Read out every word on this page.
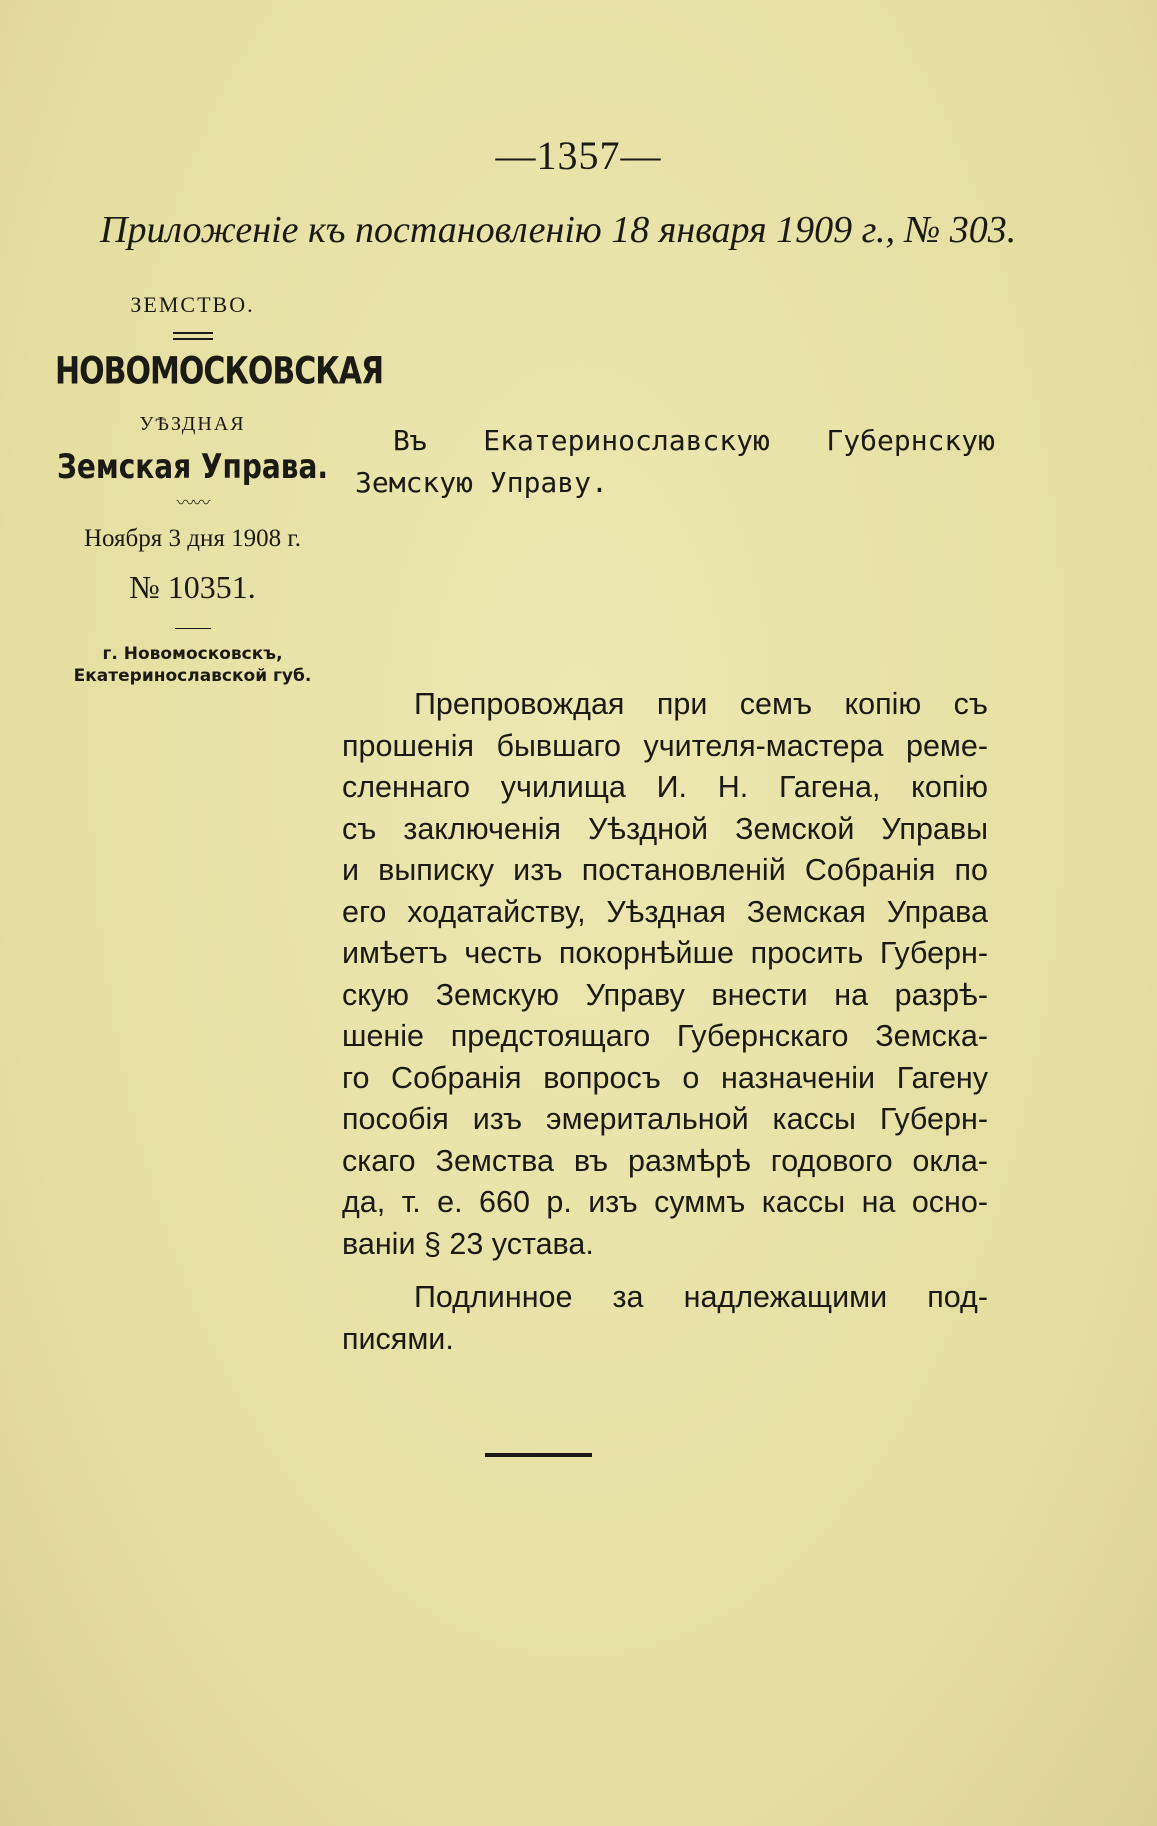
—1357—
Приложеніе къ постановленію 18 января 1909 г., № 303.
ЗЕМСТВО.
НОВОМОСКОВСКАЯ
УѢЗДНАЯ
Земская Управа.
〰〰
Ноября 3 дня 1908 г.
№ 10351.
г. Новомосковскъ,
Екатеринославской губ.
Въ Екатеринославскую Губернскую
Земскую Управу.
Препровождая при семъ копію съ
прошенія бывшаго учителя-мастера реме-
сленнаго училища И. Н. Гагена, копію
съ заключенія Уѣздной Земской Управы
и выписку изъ постановленій Собранія по
его ходатайству, Уѣздная Земская Управа
имѣетъ честь покорнѣйше просить Губерн-
скую Земскую Управу внести на разрѣ-
шеніе предстоящаго Губернскаго Земска-
го Собранія вопросъ о назначеніи Гагену
пособія изъ эмеритальной кассы Губерн-
скаго Земства въ размѣрѣ годового окла-
да, т. е. 660 р. изъ суммъ кассы на осно-
ваніи § 23 устава.
Подлинное за надлежащими под-
писями.
